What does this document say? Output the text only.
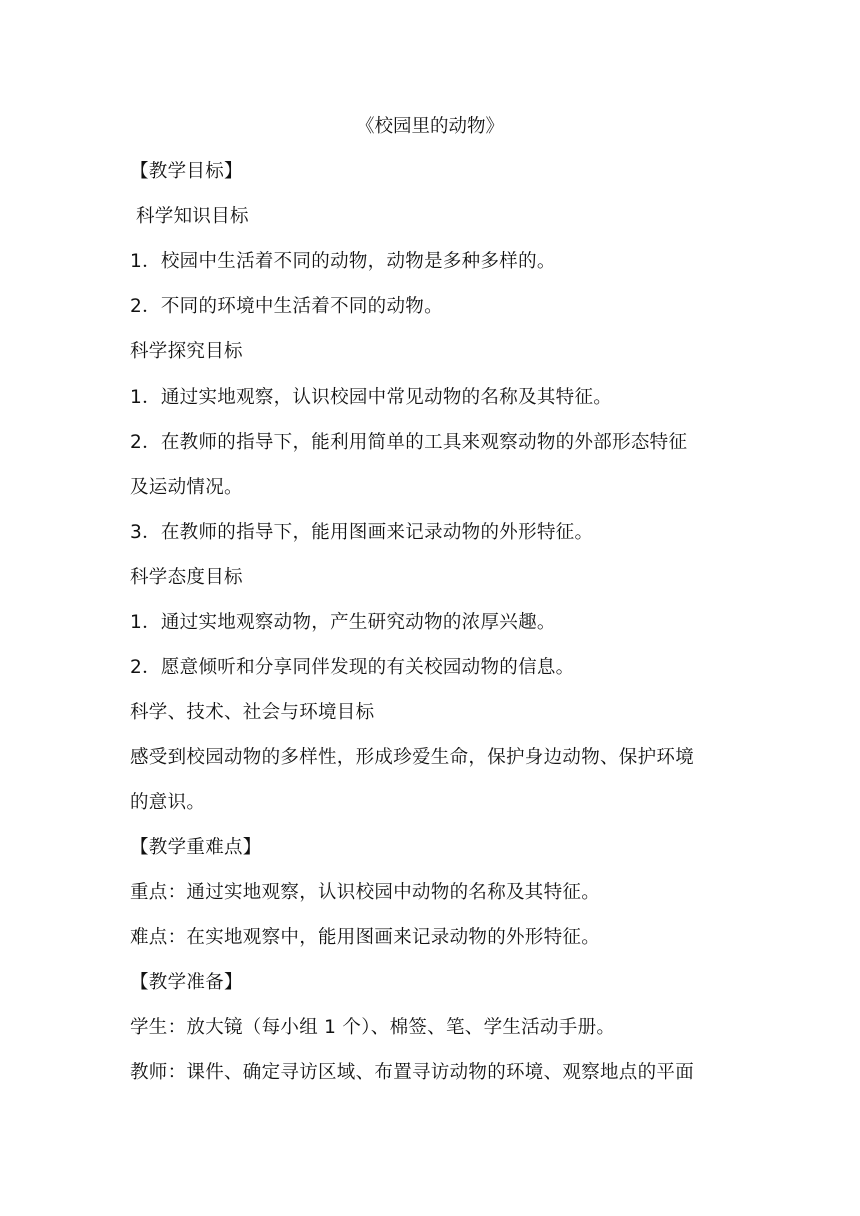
《校园里的动物》
【教学目标】
科学知识目标
1．校园中生活着不同的动物，动物是多种多样的。
2．不同的环境中生活着不同的动物。
科学探究目标
1．通过实地观察，认识校园中常见动物的名称及其特征。
2．在教师的指导下，能利用简单的工具来观察动物的外部形态特征
及运动情况。
3．在教师的指导下，能用图画来记录动物的外形特征。
科学态度目标
1．通过实地观察动物，产生研究动物的浓厚兴趣。
2．愿意倾听和分享同伴发现的有关校园动物的信息。
科学、技术、社会与环境目标
感受到校园动物的多样性，形成珍爱生命，保护身边动物、保护环境
的意识。
【教学重难点】
重点：通过实地观察，认识校园中动物的名称及其特征。
难点：在实地观察中，能用图画来记录动物的外形特征。
【教学准备】
学生：放大镜（每小组 1 个）、棉签、笔、学生活动手册。
教师：课件、确定寻访区域、布置寻访动物的环境、观察地点的平面
